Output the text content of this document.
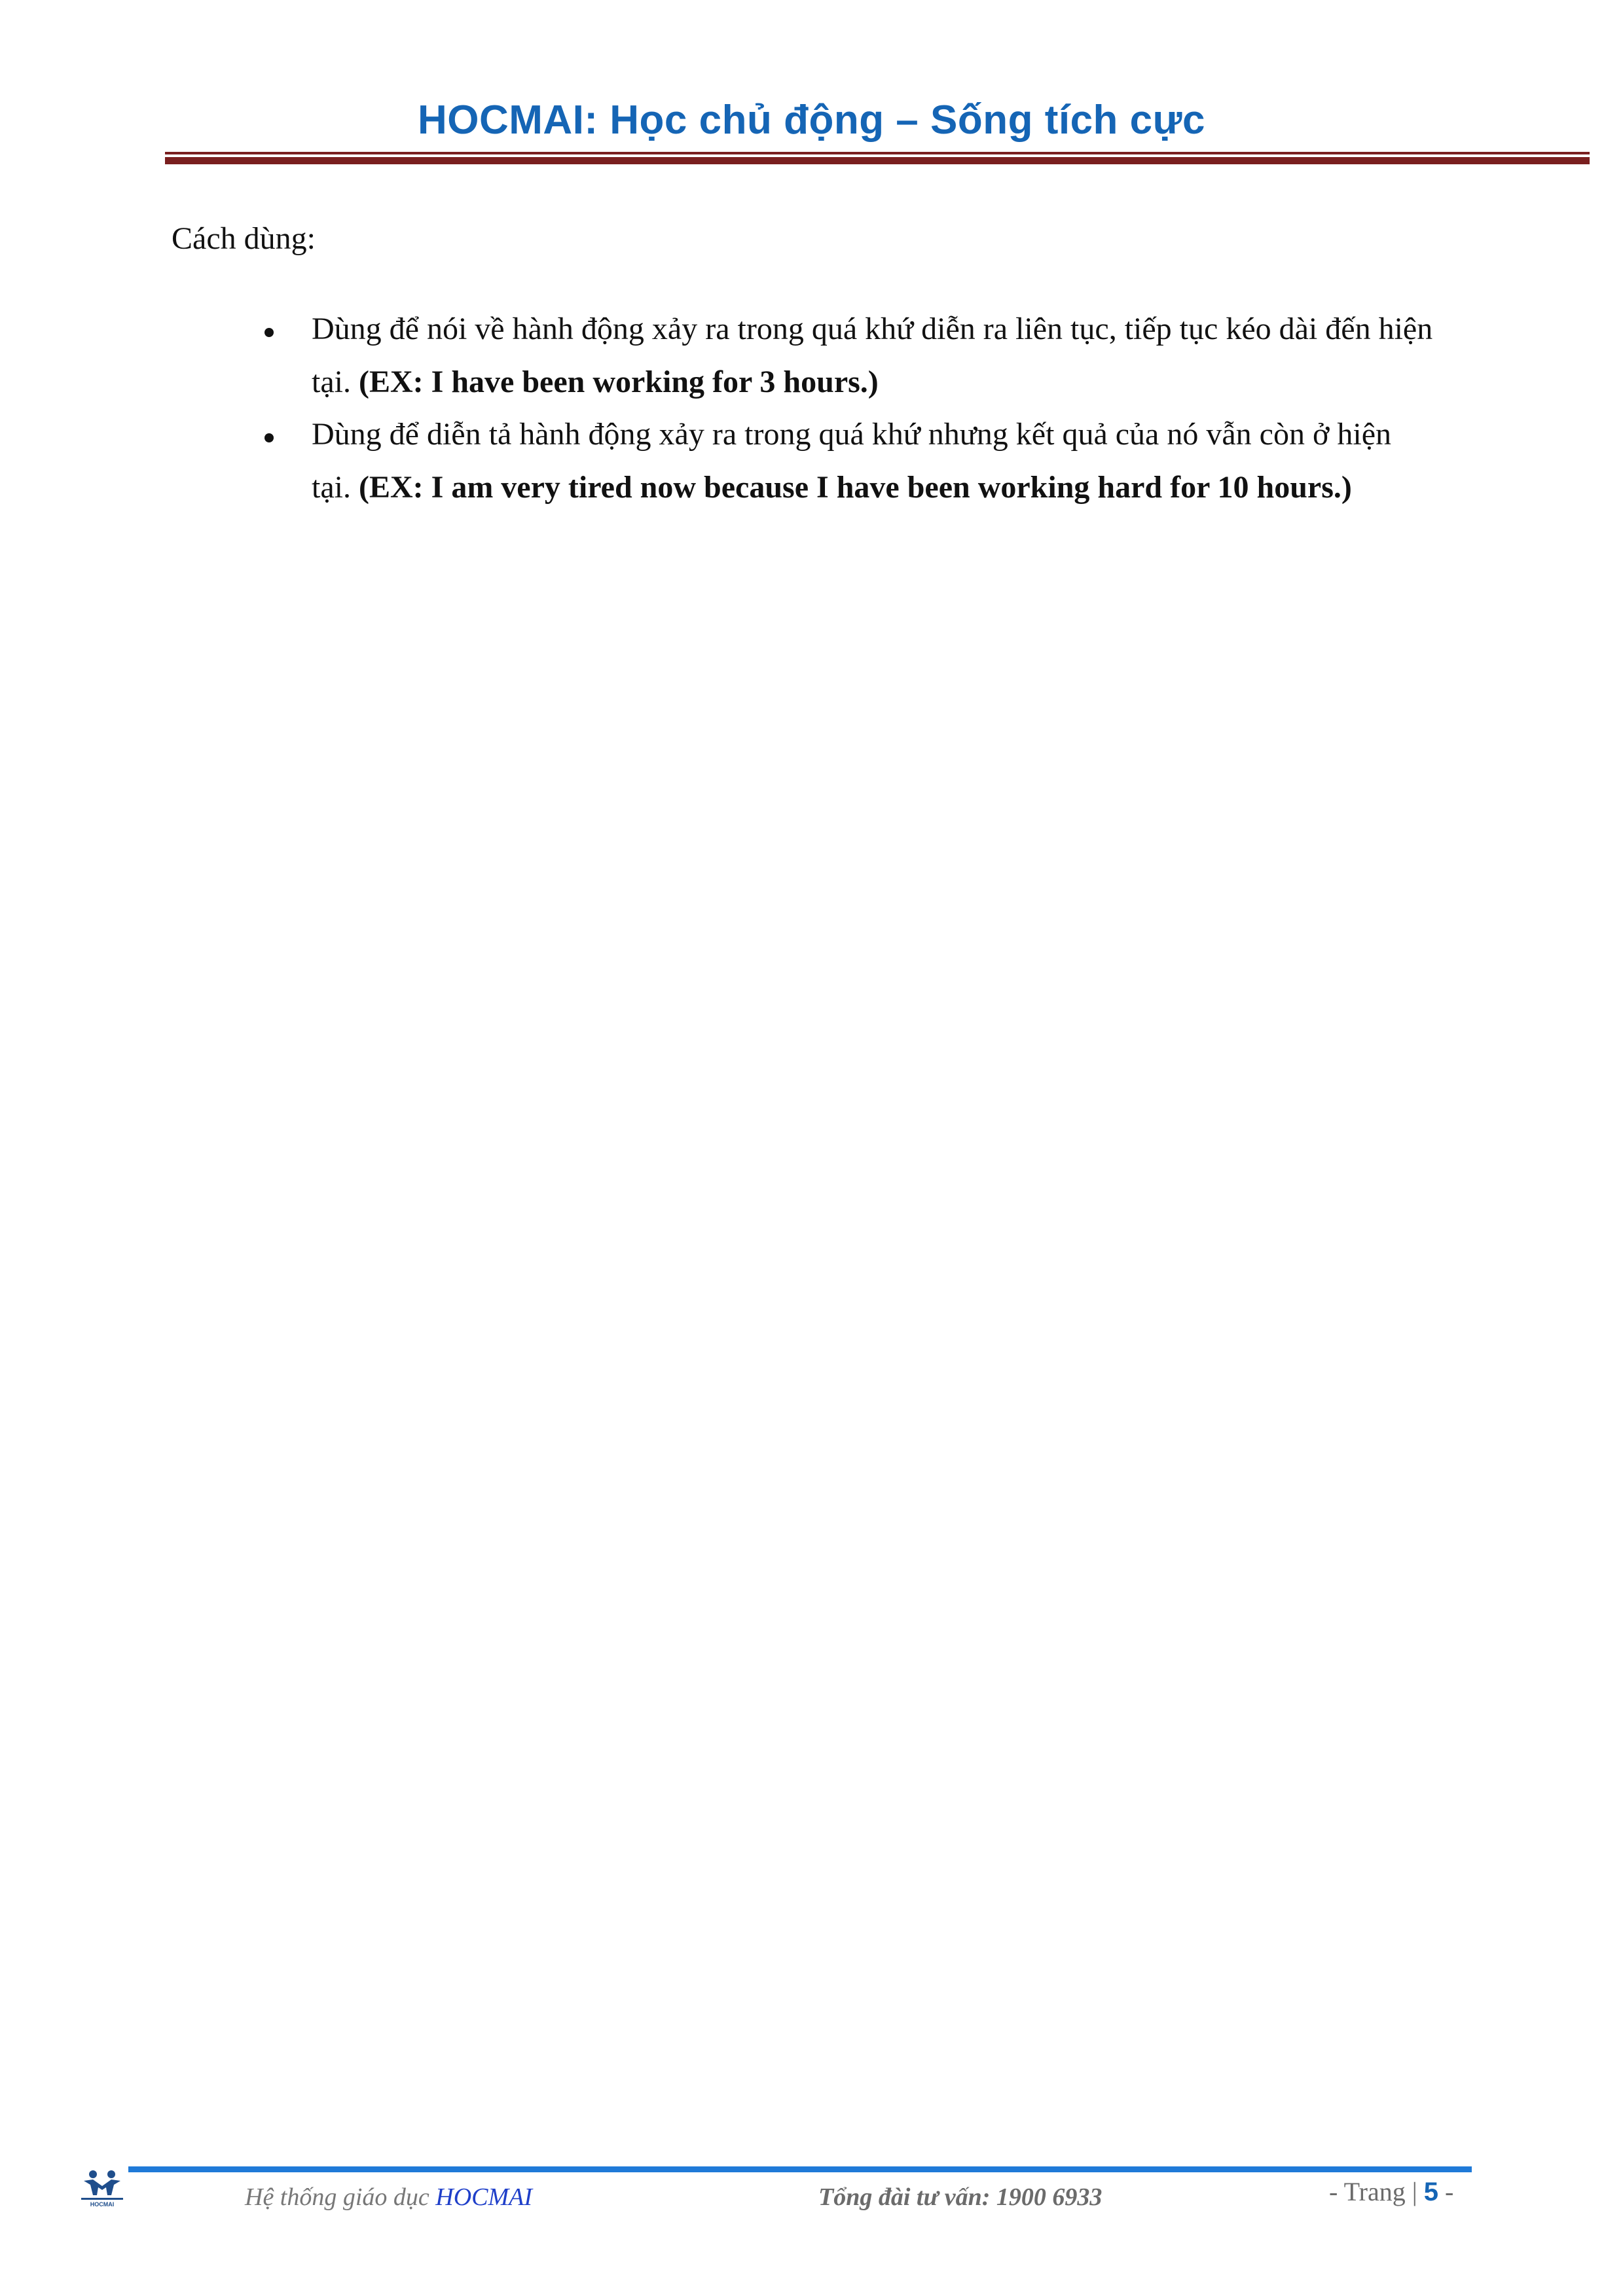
HOCMAI: Học chủ động – Sống tích cực
Cách dùng:
Dùng để nói về hành động xảy ra trong quá khứ diễn ra liên tục, tiếp tục kéo dài đến hiện
tại. (EX: I have been working for 3 hours.)
Dùng để diễn tả hành động xảy ra trong quá khứ nhưng kết quả của nó vẫn còn ở hiện
tại. (EX: I am very tired now because I have been working hard for 10 hours.)
HOCMAI	Hệ thống giáo dục HOCMAI	Tổng đài tư vấn: 1900 6933	- Trang | 5 -
